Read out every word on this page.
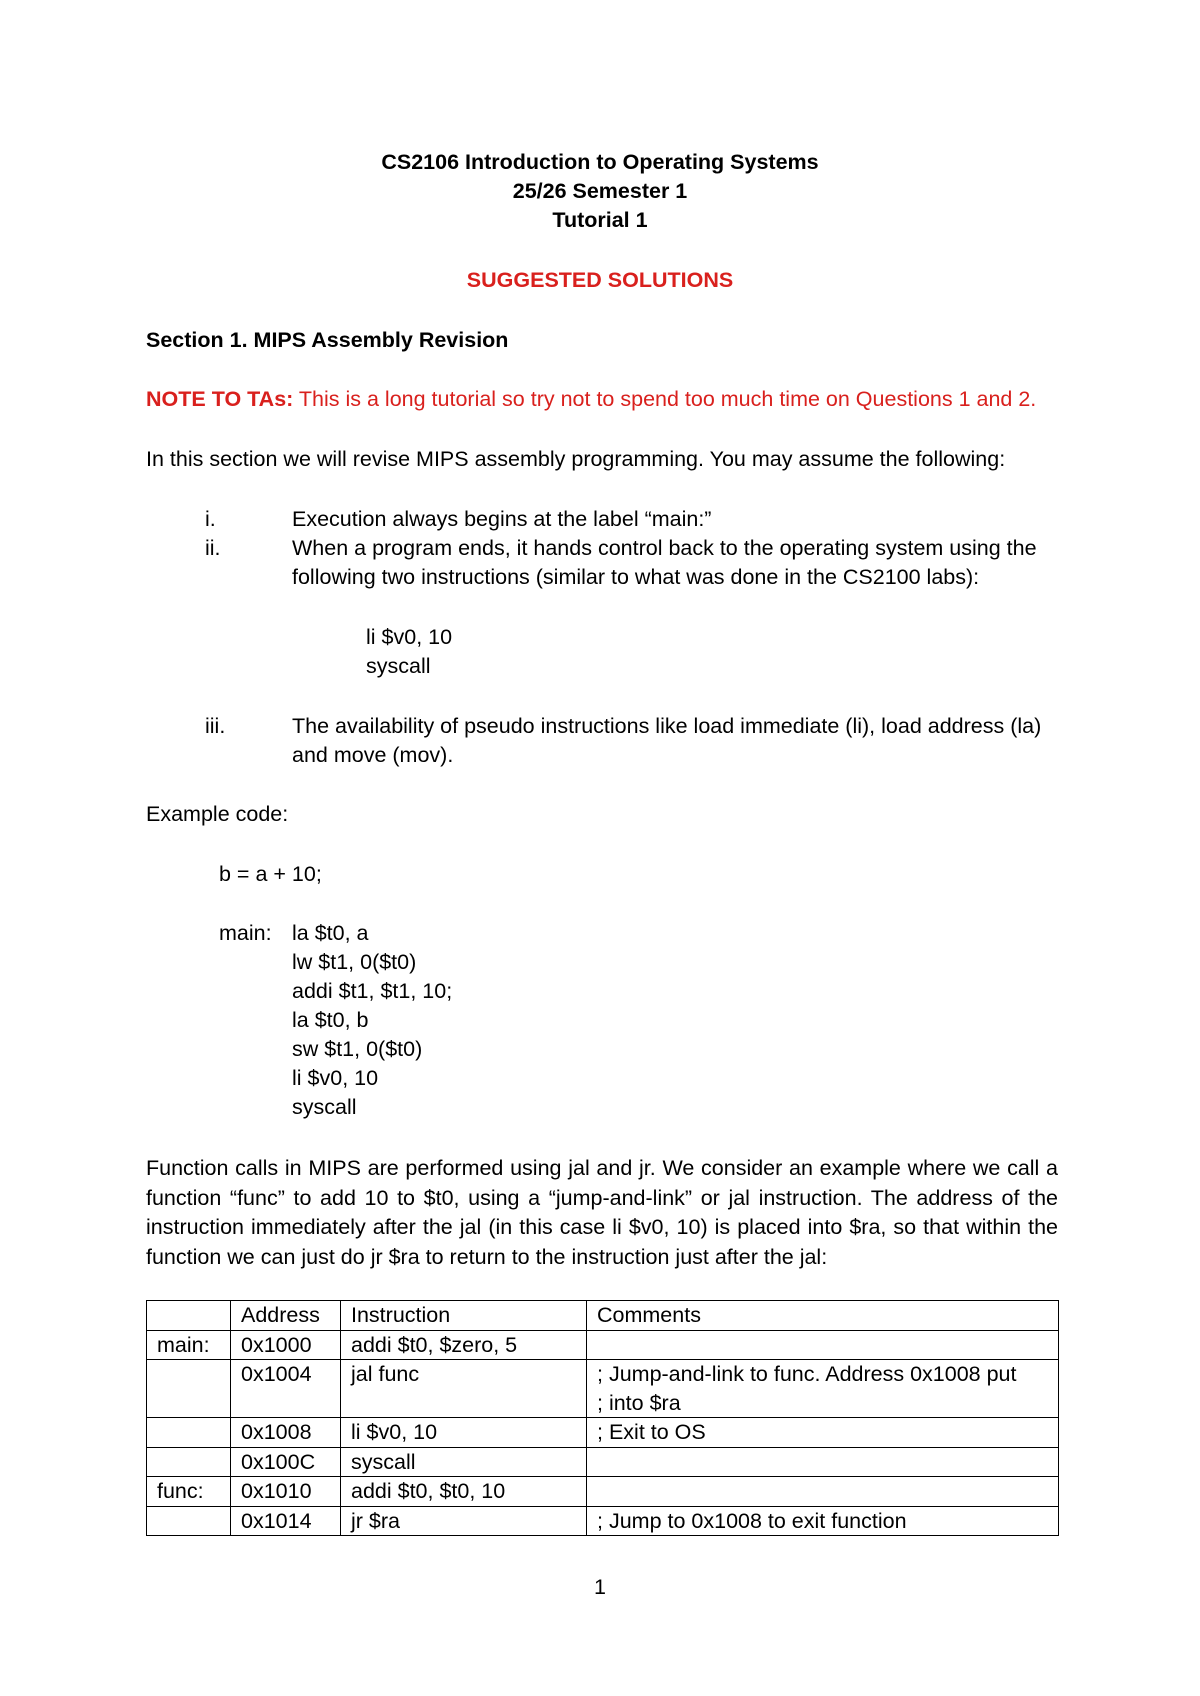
CS2106 Introduction to Operating Systems
25/26 Semester 1
Tutorial 1
SUGGESTED SOLUTIONS
Section 1. MIPS Assembly Revision
NOTE TO TAs: This is a long tutorial so try not to spend too much time on Questions 1 and 2.
In this section we will revise MIPS assembly programming. You may assume the following:
i.	Execution always begins at the label “main:”
ii.	When a program ends, it hands control back to the operating system using the
following two instructions (similar to what was done in the CS2100 labs):
li $v0, 10
syscall
iii.	The availability of pseudo instructions like load immediate (li), load address (la)
and move (mov).
Example code:
b = a + 10;
main: la $t0, a
lw $t1, 0($t0)
addi $t1, $t1, 10;
la $t0, b
sw $t1, 0($t0)
li $v0, 10
syscall
Function calls in MIPS are performed using jal and jr. We consider an example where we call a function “func” to add 10 to $t0, using a “jump-and-link” or jal instruction. The address of the instruction immediately after the jal (in this case li $v0, 10) is placed into $ra, so that within the function we can just do jr $ra to return to the instruction just after the jal:
	Address	Instruction	Comments
main:	0x1000	addi $t0, $zero, 5	
	0x1004	jal func	; Jump-and-link to func. Address 0x1008 put
; into $ra
	0x1008	li $v0, 10	; Exit to OS
	0x100C	syscall	
func:	0x1010	addi $t0, $t0, 10	
	0x1014	jr $ra	; Jump to 0x1008 to exit function
1
